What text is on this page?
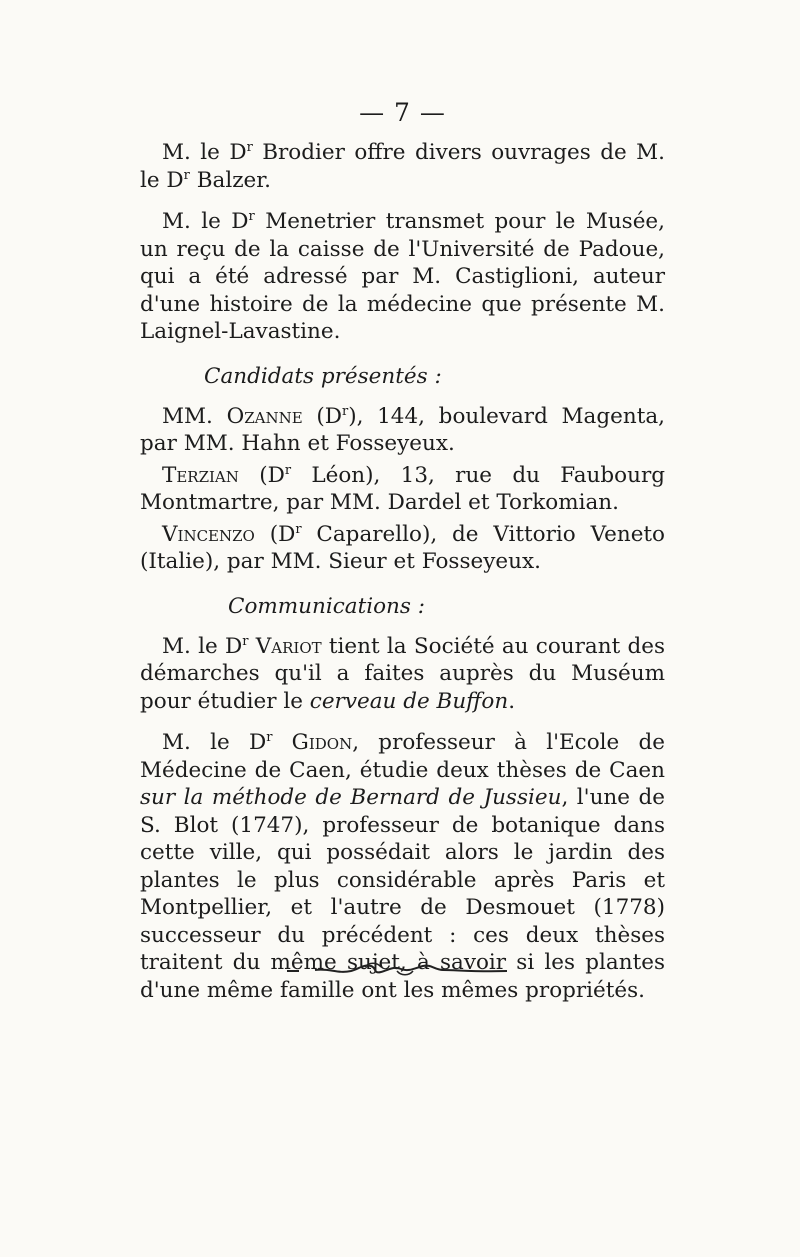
— 7 —

M. le $D^r$ Brodier offre divers ouvrages de M. le $D^r$ Balzer.

M. le $D^r$ Menetrier transmet pour le Musée, un reçu de la caisse de l'Université de Padoue, qui a été adressé par M. Castiglioni, auteur d'une histoire de la médecine que présente M. Laignel-Lavastine.

Candidats présentés :

MM. Ozanne $(D^r)$, 144, boulevard Magenta, par MM. Hahn et Fosseyeux.

Terzian ($D^r$ Léon), 13, rue du Faubourg Montmartre, par MM. Dardel et Torkomian.

Vincenzo ($D^r$ Caparello), de Vittorio Veneto (Italie), par MM. Sieur et Fosseyeux.

Communications :

M. le $D^r$ Variot tient la Société au courant des démarches qu'il a faites auprès du Muséum pour étudier le cerveau de Buffon.

M. le $D^r$ Gidon, professeur à l'Ecole de Médecine de Caen, étudie deux thèses de Caen sur la méthode de Bernard de Jussieu, l'une de S. Blot (1747), professeur de botanique dans cette ville, qui possédait alors le jardin des plantes le plus considérable après Paris et Montpellier, et l'autre de Desmouet (1778) successeur du précédent : ces deux thèses traitent du même sujet, à savoir si les plantes d'une même famille ont les mêmes propriétés.
